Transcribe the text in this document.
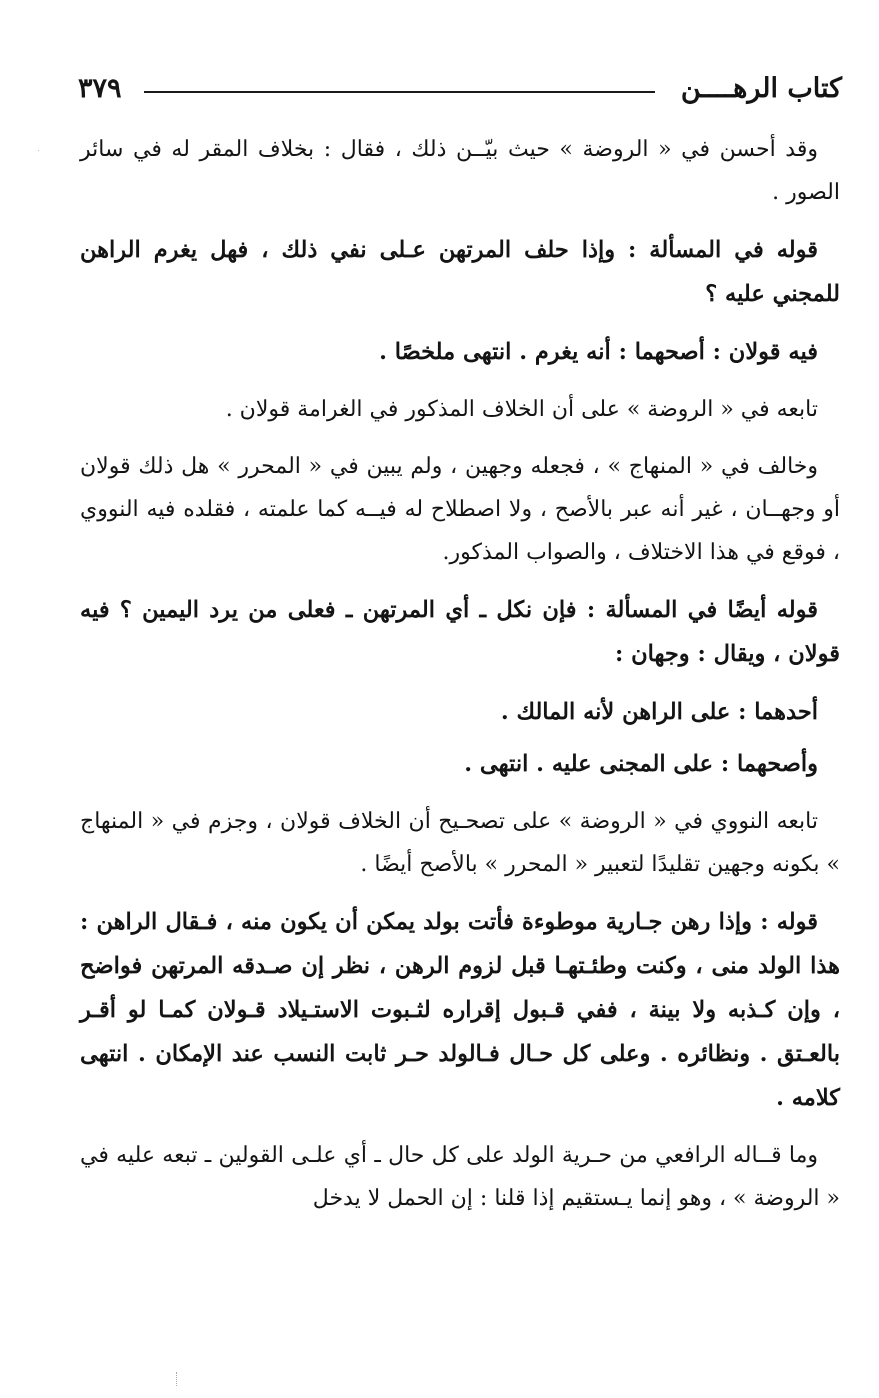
كتاب الرهــــن
٣٧٩

وقد أحسن في « الروضة » حيث بيّــن ذلك ، فقال : بخلاف المقر له في سائر الصور .

قوله في المسألة : وإذا حلف المرتهن عـلى نفي ذلك ، فهل يغرم الراهن للمجني عليه ؟

فيه قولان : أصحهما : أنه يغرم . انتهى ملخصًا .

تابعه في « الروضة » على أن الخلاف المذكور في الغرامة قولان .

وخالف في « المنهاج » ، فجعله وجهين ، ولم يبين في « المحرر » هل ذلك قولان أو وجهــان ، غير أنه عبر بالأصح ، ولا اصطلاح له فيــه كما علمته ، فقلده فيه النووي ، فوقع في هذا الاختلاف ، والصواب المذكور.

قوله أيضًا في المسألة : فإن نكل ـ أي المرتهن ـ فعلى من يرد اليمين ؟ فيه قولان ، ويقال : وجهان :

أحدهما : على الراهن لأنه المالك .

وأصحهما : على المجنى عليه . انتهى .

تابعه النووي في « الروضة » على تصحـيح أن الخلاف قولان ، وجزم في « المنهاج » بكونه وجهين تقليدًا لتعبير « المحرر » بالأصح أيضًا .

قوله : وإذا رهن جـارية موطوءة فأتت بولد يمكن أن يكون منه ، فـقال الراهن : هذا الولد منى ، وكنت وطئـتهـا قبل لزوم الرهن ، نظر إن صـدقه المرتهن فواضح ، وإن كـذبه ولا بينة ، ففي قـبول إقراره لثـبوت الاستـيلاد قـولان كمـا لو أقـر بالعـتق . ونظائره . وعلى كل حـال فـالولد حـر ثابت النسب عند الإمكان . انتهى كلامه .

وما قــاله الرافعي من حـرية الولد على كل حال ـ أي علـى القولين ـ تبعه عليه في « الروضة » ، وهو إنما يـستقيم إذا قلنا : إن الحمل لا يدخل
